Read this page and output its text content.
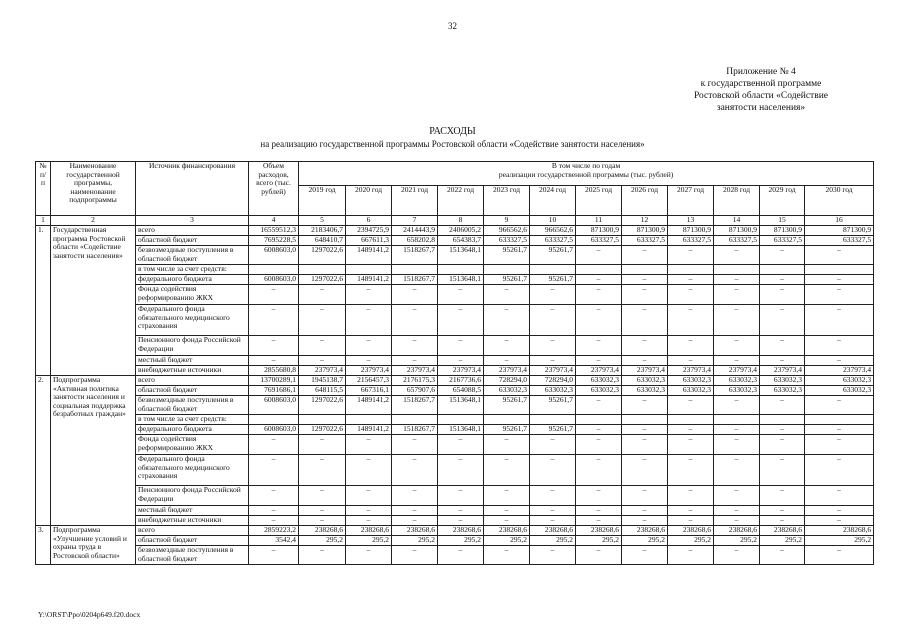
32
Приложение № 4
к государственной программе
Ростовской области «Содействие
занятости населения»
РАСХОДЫ
на реализацию государственной программы Ростовской области «Содействие занятости населения»
№ п/п	Наименование государственной программы, наименование подпрограммы	Источник финансирования	Объем расходов, всего (тыс. рублей)	В том числе по годам
реализации государственной программы (тыс. рублей)											

				2019 год	2020 год	2021 год	2022 год	2023 год	2024 год	2025 год	2026 год	2027 год	2028 год	2029 год	2030 год
1	2	3	4	5	6	7	8	9	10	11	12	13	14	15	16
1.	Государственная программа Ростовской области «Содействие занятости населения»	всего	16559512,3	2183406,7	2394725,9	2414443,9	2406005,2	966562,6	966562,6	871300,9	871300,9	871300,9	871300,9	871300,9	871300,9
		областной бюджет	7695228,5	648410,7	667611,3	658202,8	654383,7	633327,5	633327,5	633327,5	633327,5	633327,5	633327,5	633327,5	633327,5
		безвозмездные поступления в областной бюджет	6008603,0	1297022,6	1489141,2	1518267,7	1513648,1	95261,7	95261,7	–	–	–	–	–	–
		в том числе за счет средств:													
		федерального бюджета	6008603,0	1297022,6	1489141,2	1518267,7	1513648,1	95261,7	95261,7	–	–	–	–	–	–
		Фонда содействия реформированию ЖКХ	–	–	–	–	–	–	–	–	–	–	–	–	–
		Федерального фонда обязательного медицинского страхования	–	–	–	–	–	–	–	–	–	–	–	–	–
		Пенсионного фонда Российской Федерации	–	–	–	–	–	–	–	–	–	–	–	–	–
		местный бюджет	–	–	–	–	–	–	–	–	–	–	–	–	–
		внебюджетные источники	2855680,8	237973,4	237973,4	237973,4	237973,4	237973,4	237973,4	237973,4	237973,4	237973,4	237973,4	237973,4	237973,4
2.	Подпрограмма «Активная политика занятости населения и социальная поддержка безработных граждан»	всего	13700289,1	1945138,7	2156457,3	2176175,3	2167736,6	728294,0	728294,0	633032,3	633032,3	633032,3	633032,3	633032,3	633032,3
		областной бюджет	7691686,1	648115,5	667316,1	657907,6	654088,5	633032,3	633032,3	633032,3	633032,3	633032,3	633032,3	633032,3	633032,3
		безвозмездные поступления в областной бюджет	6008603,0	1297022,6	1489141,2	1518267,7	1513648,1	95261,7	95261,7	–	–	–	–	–	–
		в том числе за счет средств:													
		федерального бюджета	6008603,0	1297022,6	1489141,2	1518267,7	1513648,1	95261,7	95261,7	–	–	–	–	–	–
		Фонда содействия реформированию ЖКХ	–	–	–	–	–	–	–	–	–	–	–	–	–
		Федерального фонда обязательного медицинского страхования	–	–	–	–	–	–	–	–	–	–	–	–	–
		Пенсионного фонда Российской Федерации	–	–	–	–	–	–	–	–	–	–	–	–	–
		местный бюджет	–	–	–	–	–	–	–	–	–	–	–	–	–
		внебюджетные источники	–	–	–	–	–	–	–	–	–	–	–	–	–
3.	Подпрограмма «Улучшение условий и охраны труда в Ростовской области»	всего	2859223,2	238268,6	238268,6	238268,6	238268,6	238268,6	238268,6	238268,6	238268,6	238268,6	238268,6	238268,6	238268,6
		областной бюджет	3542,4	295,2	295,2	295,2	295,2	295,2	295,2	295,2	295,2	295,2	295,2	295,2	295,2
		безвозмездные поступления в областной бюджет	–	–	–	–	–	–	–	–	–	–	–	–	–
Y:\ORST\Ppo\0204p649.f20.docx
